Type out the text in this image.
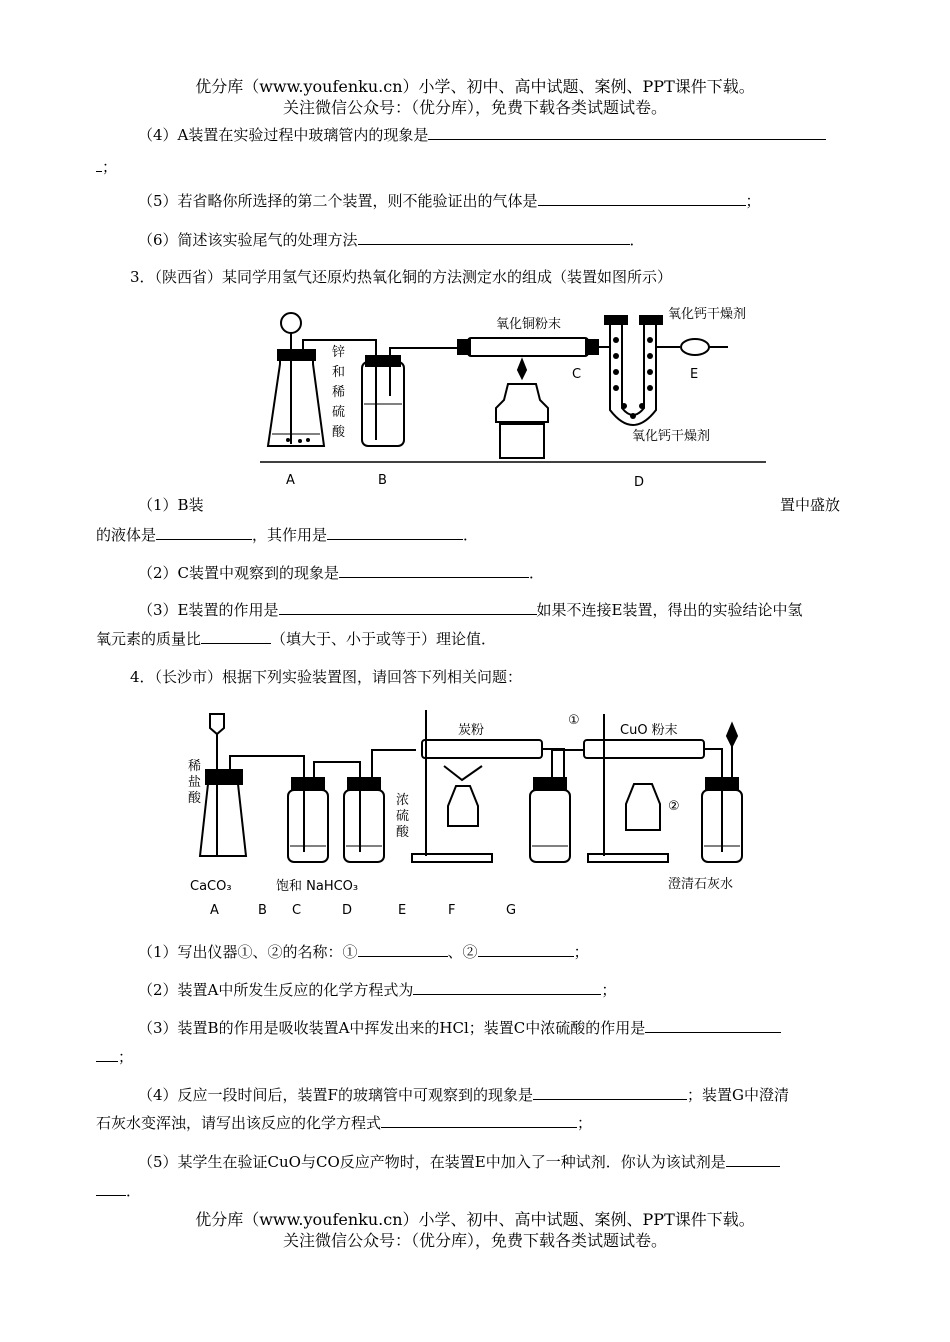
优分库（www.youfenku.cn）小学、初中、高中试题、案例、PPT课件下载。
关注微信公众号：（优分库），免费下载各类试题试卷。
（4）A装置在实验过程中玻璃管内的现象是
；
（5）若省略你所选择的第二个装置，则不能验证出的气体是	；
（6）简述该实验尾气的处理方法	．
3．（陕西省）某同学用氢气还原灼热氧化铜的方法测定水的组成（装置如图所示）
锌
和
稀
硫
酸
氧化铜粉末
氧化钙干燥剂
氧化钙干燥剂
C	E
A	B	D
（1）B装	置中盛放
的液体是	，其作用是	．
（2）C装置中观察到的现象是	．
（3）E装置的作用是	如果不连接E装置，得出的实验结论中氢
氧元素的质量比	（填大于、小于或等于）理论值．
4．（长沙市）根据下列实验装置图，请回答下列相关问题：
稀
盐
酸
CaCO₃	饱和 NaHCO₃
浓
硫
酸
炭粉	CuO 粉末
澄清石灰水
①
②
A	B C	D	E	F	G
（1）写出仪器①、②的名称：①	、②	；
（2）装置A中所发生反应的化学方程式为	；
（3）装置B的作用是吸收装置A中挥发出来的HCl；装置C中浓硫酸的作用是
；
（4）反应一段时间后，装置F的玻璃管中可观察到的现象是	；装置G中澄清
石灰水变浑浊，请写出该反应的化学方程式	；
（5）某学生在验证CuO与CO反应产物时，在装置E中加入了一种试剂．你认为该试剂是
．
优分库（www.youfenku.cn）小学、初中、高中试题、案例、PPT课件下载。
关注微信公众号：（优分库），免费下载各类试题试卷。
